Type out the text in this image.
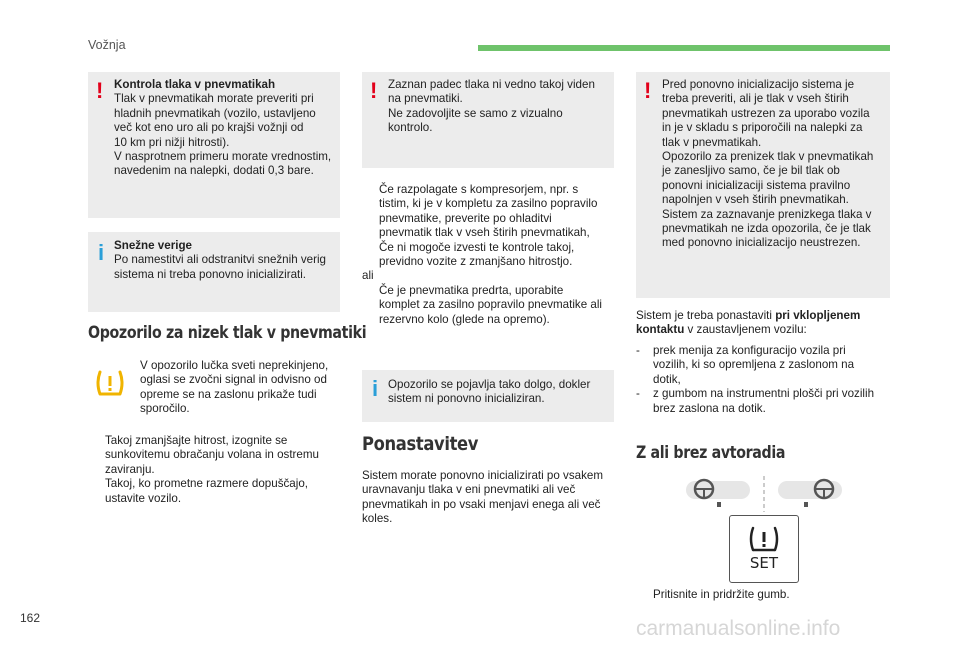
Vožnja
! Kontrola tlaka v pnevmatikah

Tlak v pnevmatikah morate preveriti pri

hladnih pnevmatikah (vozilo, ustavljeno

več kot eno uro ali po krajši vožnji od

10 km pri nižji hitrosti).

V nasprotnem primeru morate vrednostim,

navedenim na nalepki, dodati 0,3 bare.

i Snežne verige

Po namestitvi ali odstranitvi snežnih verig

sistema ni treba ponovno inicializirati.

Opozorilo za nizek tlak v pnevmatiki

V opozorilo lučka sveti neprekinjeno,

oglasi se zvočni signal in odvisno od

opreme se na zaslonu prikaže tudi

sporočilo.

Takoj zmanjšajte hitrost, izognite se

sunkovitemu obračanju volana in ostremu

zaviranju.

Takoj, ko prometne razmere dopuščajo,

ustavite vozilo.

! Zaznan padec tlaka ni vedno takoj viden

na pnevmatiki.

Ne zadovoljite se samo z vizualno

kontrolo.

Če razpolagate s kompresorjem, npr. s

tistim, ki je v kompletu za zasilno popravilo

pnevmatike, preverite po ohladitvi

pnevmatik tlak v vseh štirih pnevmatikah,

Če ni mogoče izvesti te kontrole takoj,

previdno vozite z zmanjšano hitrostjo.

ali

Če je pnevmatika predrta, uporabite

komplet za zasilno popravilo pnevmatike ali

rezervno kolo (glede na opremo).

i Opozorilo se pojavlja tako dolgo, dokler

sistem ni ponovno inicializiran.

Ponastavitev

Sistem morate ponovno inicializirati po vsakem

uravnavanju tlaka v eni pnevmatiki ali več

pnevmatikah in po vsaki menjavi enega ali več

koles.

! Pred ponovno inicializacijo sistema je

treba preveriti, ali je tlak v vseh štirih

pnevmatikah ustrezen za uporabo vozila

in je v skladu s priporočili na nalepki za

tlak v pnevmatikah.

Opozorilo za prenizek tlak v pnevmatikah

je zanesljivo samo, če je bil tlak ob

ponovni inicializaciji sistema pravilno

napolnjen v vseh štirih pnevmatikah.

Sistem za zaznavanje prenizkega tlaka v

pnevmatikah ne izda opozorila, če je tlak

med ponovno inicializacijo neustrezen.

Sistem je treba ponastaviti pri vklopljenem

kontaktu v zaustavljenem vozilu:

- prek menija za konfiguracijo vozila pri

vozilih, ki so opremljena z zaslonom na

dotik,

- z gumbom na instrumentni plošči pri vozilih

brez zaslona na dotik.

Z ali brez avtoradia
SET

Pritisnite in pridržite gumb.

162	carmanualsonline.info
